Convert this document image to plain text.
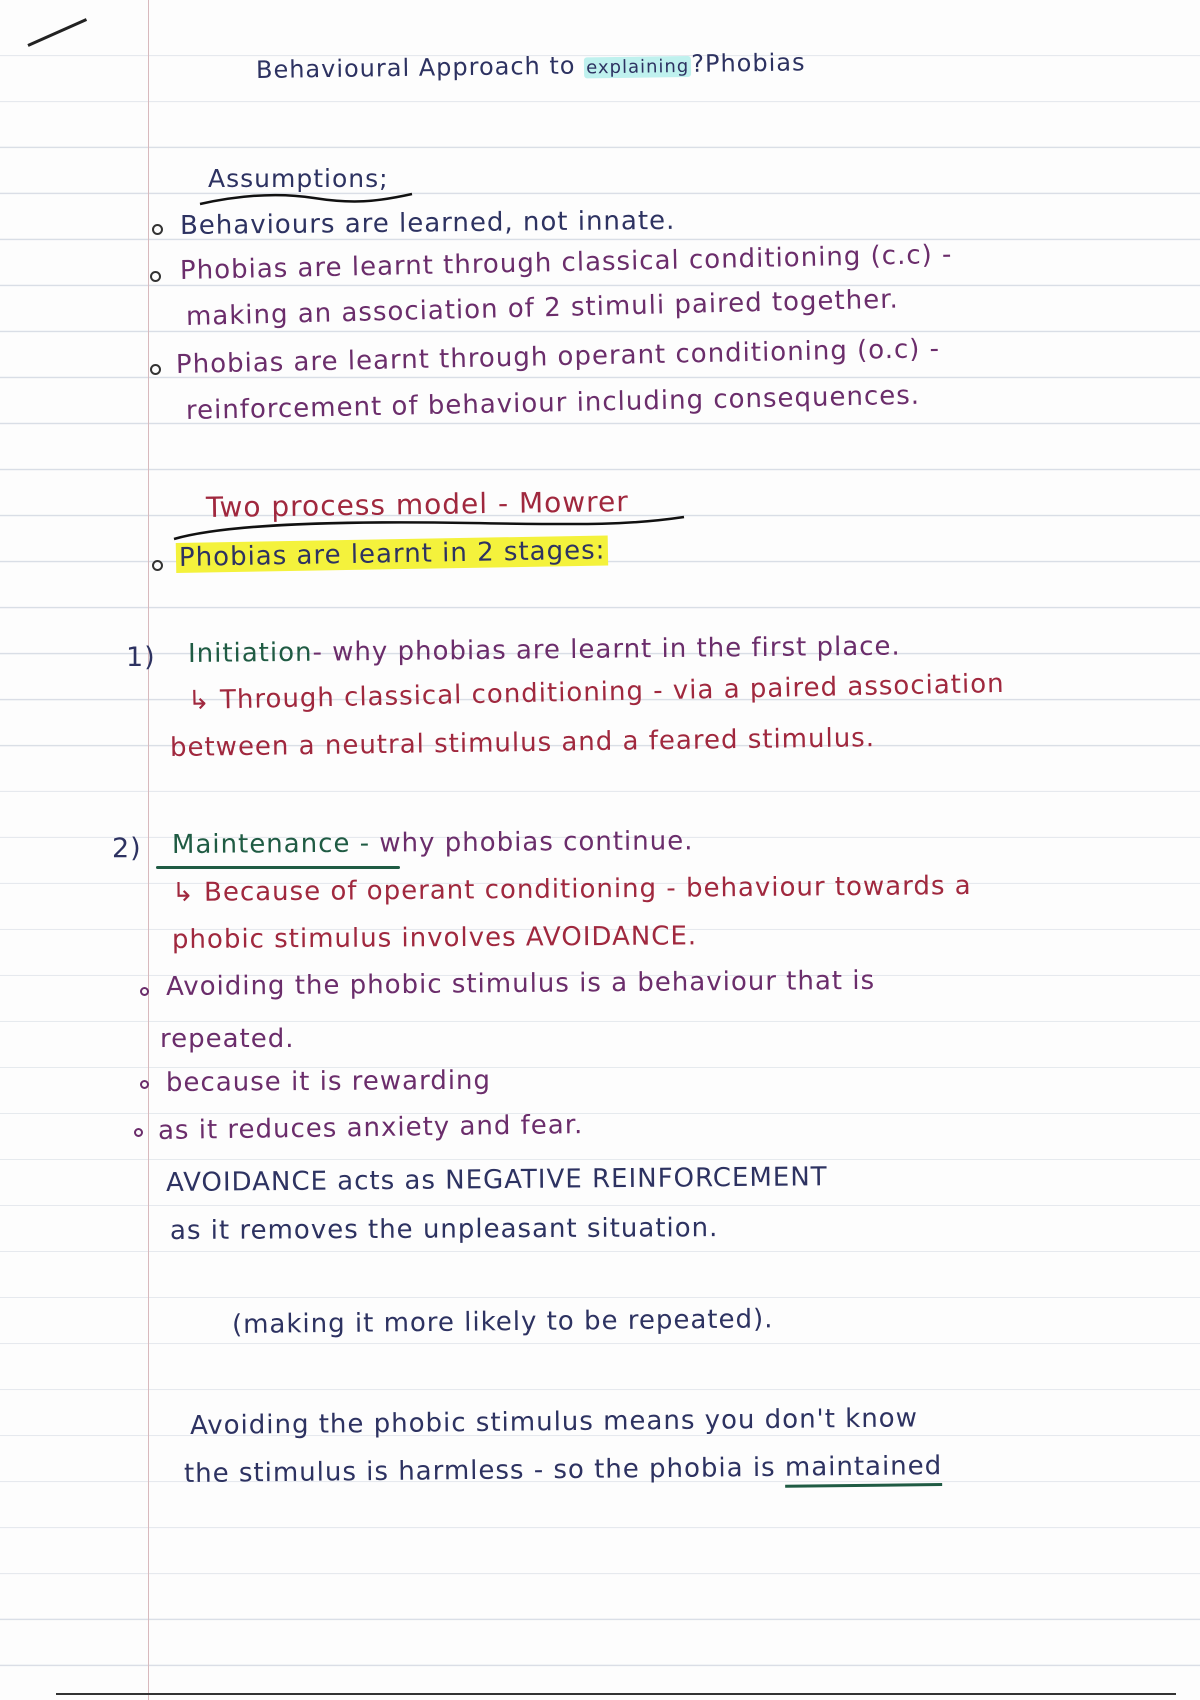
Behavioural Approach to explaining?Phobias
Assumptions;
Behaviours are learned, not innate.
Phobias are learnt through classical conditioning (c.c) -
making an association of 2 stimuli paired together.
Phobias are learnt through operant conditioning (o.c) -
reinforcement of behaviour including consequences.
Two process model - Mowrer
Phobias are learnt in 2 stages:
1) Initiation- why phobias are learnt in the first place.
↳ Through classical conditioning - via a paired association
between a neutral stimulus and a feared stimulus.
2) Maintenance - why phobias continue.
↳ Because of operant conditioning - behaviour towards a
phobic stimulus involves AVOIDANCE.
Avoiding the phobic stimulus is a behaviour that is
repeated.
because it is rewarding
as it reduces anxiety and fear.
AVOIDANCE acts as NEGATIVE REINFORCEMENT
as it removes the unpleasant situation.
(making it more likely to be repeated).
Avoiding the phobic stimulus means you don't know
the stimulus is harmless - so the phobia is maintained
